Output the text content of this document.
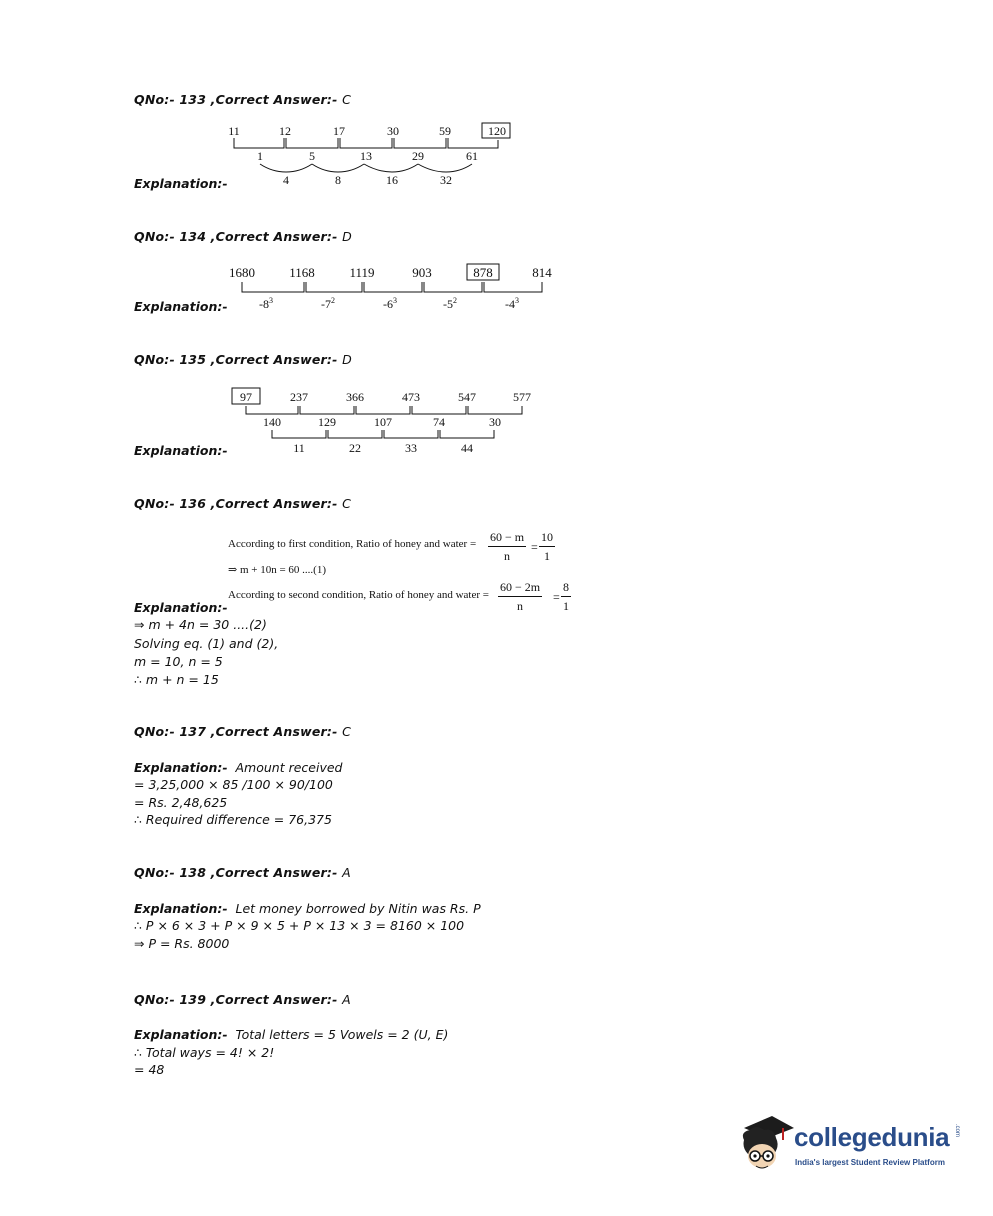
QNo:- 133 ,Correct Answer:- C
Explanation:-
11	12	17	30	59	120
1	5	13	29	61
4	8	16	32
QNo:- 134 ,Correct Answer:- D
Explanation:-
1680	1168	1119	903	878	814
$-8^3$	$-7^2$	$-6^3$	$-5^2$	$-4^3$
QNo:- 135 ,Correct Answer:- D
Explanation:-
97	237	366	473	547	577
140	129	107	74	30
11	22	33	44
QNo:- 136 ,Correct Answer:- C
According to first condition, Ratio of honey and water = $\frac{60 - m}{n} = \frac{10}{1}$
⇒ m + 10n = 60 ....(1)
According to second condition, Ratio of honey and water = $\frac{60 - 2m}{n} = \frac{8}{1}$
Explanation:-
⇒ m + 4n = 30 ....(2)
Solving eq. (1) and (2),
m = 10, n = 5
∴ m + n = 15
QNo:- 137 ,Correct Answer:- C
Explanation:- Amount received
= 3,25,000 × 85 /100 × 90/100
= Rs. 2,48,625
∴ Required difference = 76,375
QNo:- 138 ,Correct Answer:- A
Explanation:- Let money borrowed by Nitin was Rs. P
∴ P × 6 × 3 + P × 9 × 5 + P × 13 × 3 = 8160 × 100
⇒ P = Rs. 8000
QNo:- 139 ,Correct Answer:- A
Explanation:- Total letters = 5 Vowels = 2 (U, E)
∴ Total ways = 4! × 2!
= 48
collegedunia .com
India's largest Student Review Platform
